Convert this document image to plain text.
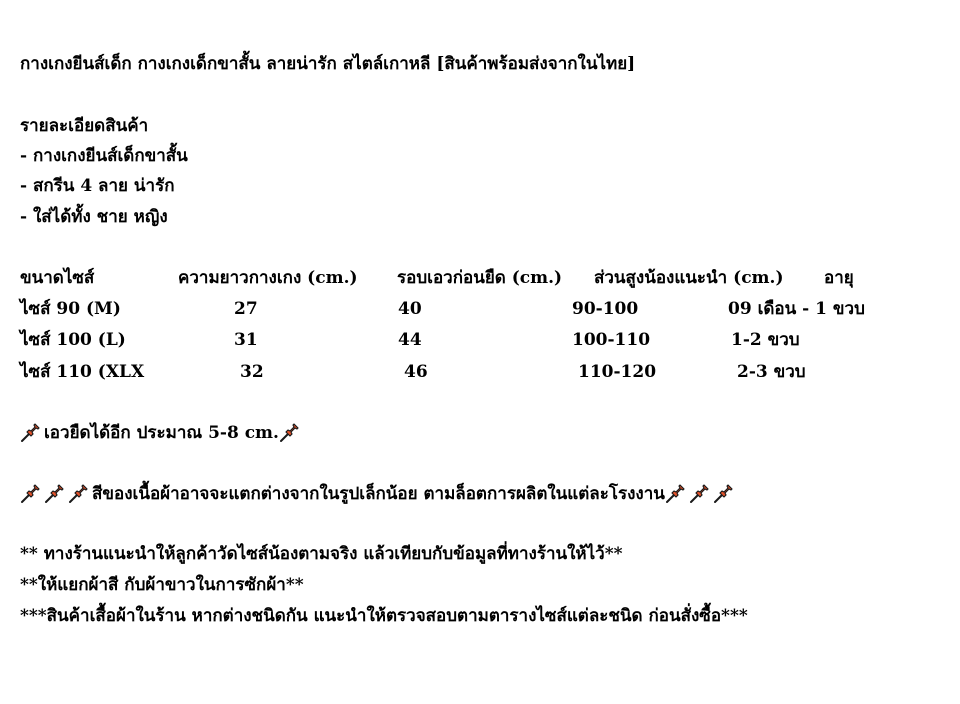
กางเกงยีนส์เด็ก กางเกงเด็กขาสั้น ลายน่ารัก สไตล์เกาหลี [สินค้าพร้อมส่งจากในไทย]
รายละเอียดสินค้า
- กางเกงยีนส์เด็กขาสั้น
- สกรีน 4 ลาย น่ารัก
- ใส่ได้ทั้ง ชาย หญิง
ขนาดไซส์	ความยาวกางเกง (cm.) รอบเอวก่อนยืด (cm.) ส่วนสูงน้องแนะนำ (cm.) อายุ
ไซส์ 90 (M)	27	40	90-100	09 เดือน - 1 ขวบ
ไซส์ 100 (L)	31	44	100-110	1-2 ขวบ
ไซส์ 110 (XLX	32	46	110-120	2-3 ขวบ
เอวยืดได้อีก ประมาณ 5-8 cm.
สีของเนื้อผ้าอาจจะแตกต่างจากในรูปเล็กน้อย ตามล็อตการผลิตในแต่ละโรงงาน
** ทางร้านแนะนำให้ลูกค้าวัดไซส์น้องตามจริง แล้วเทียบกับข้อมูลที่ทางร้านให้ไว้**
**ให้แยกผ้าสี กับผ้าขาวในการซักผ้า**
***สินค้าเสื้อผ้าในร้าน หากต่างชนิดกัน แนะนำให้ตรวจสอบตามตารางไซส์แต่ละชนิด ก่อนสั่งซื้อ***
